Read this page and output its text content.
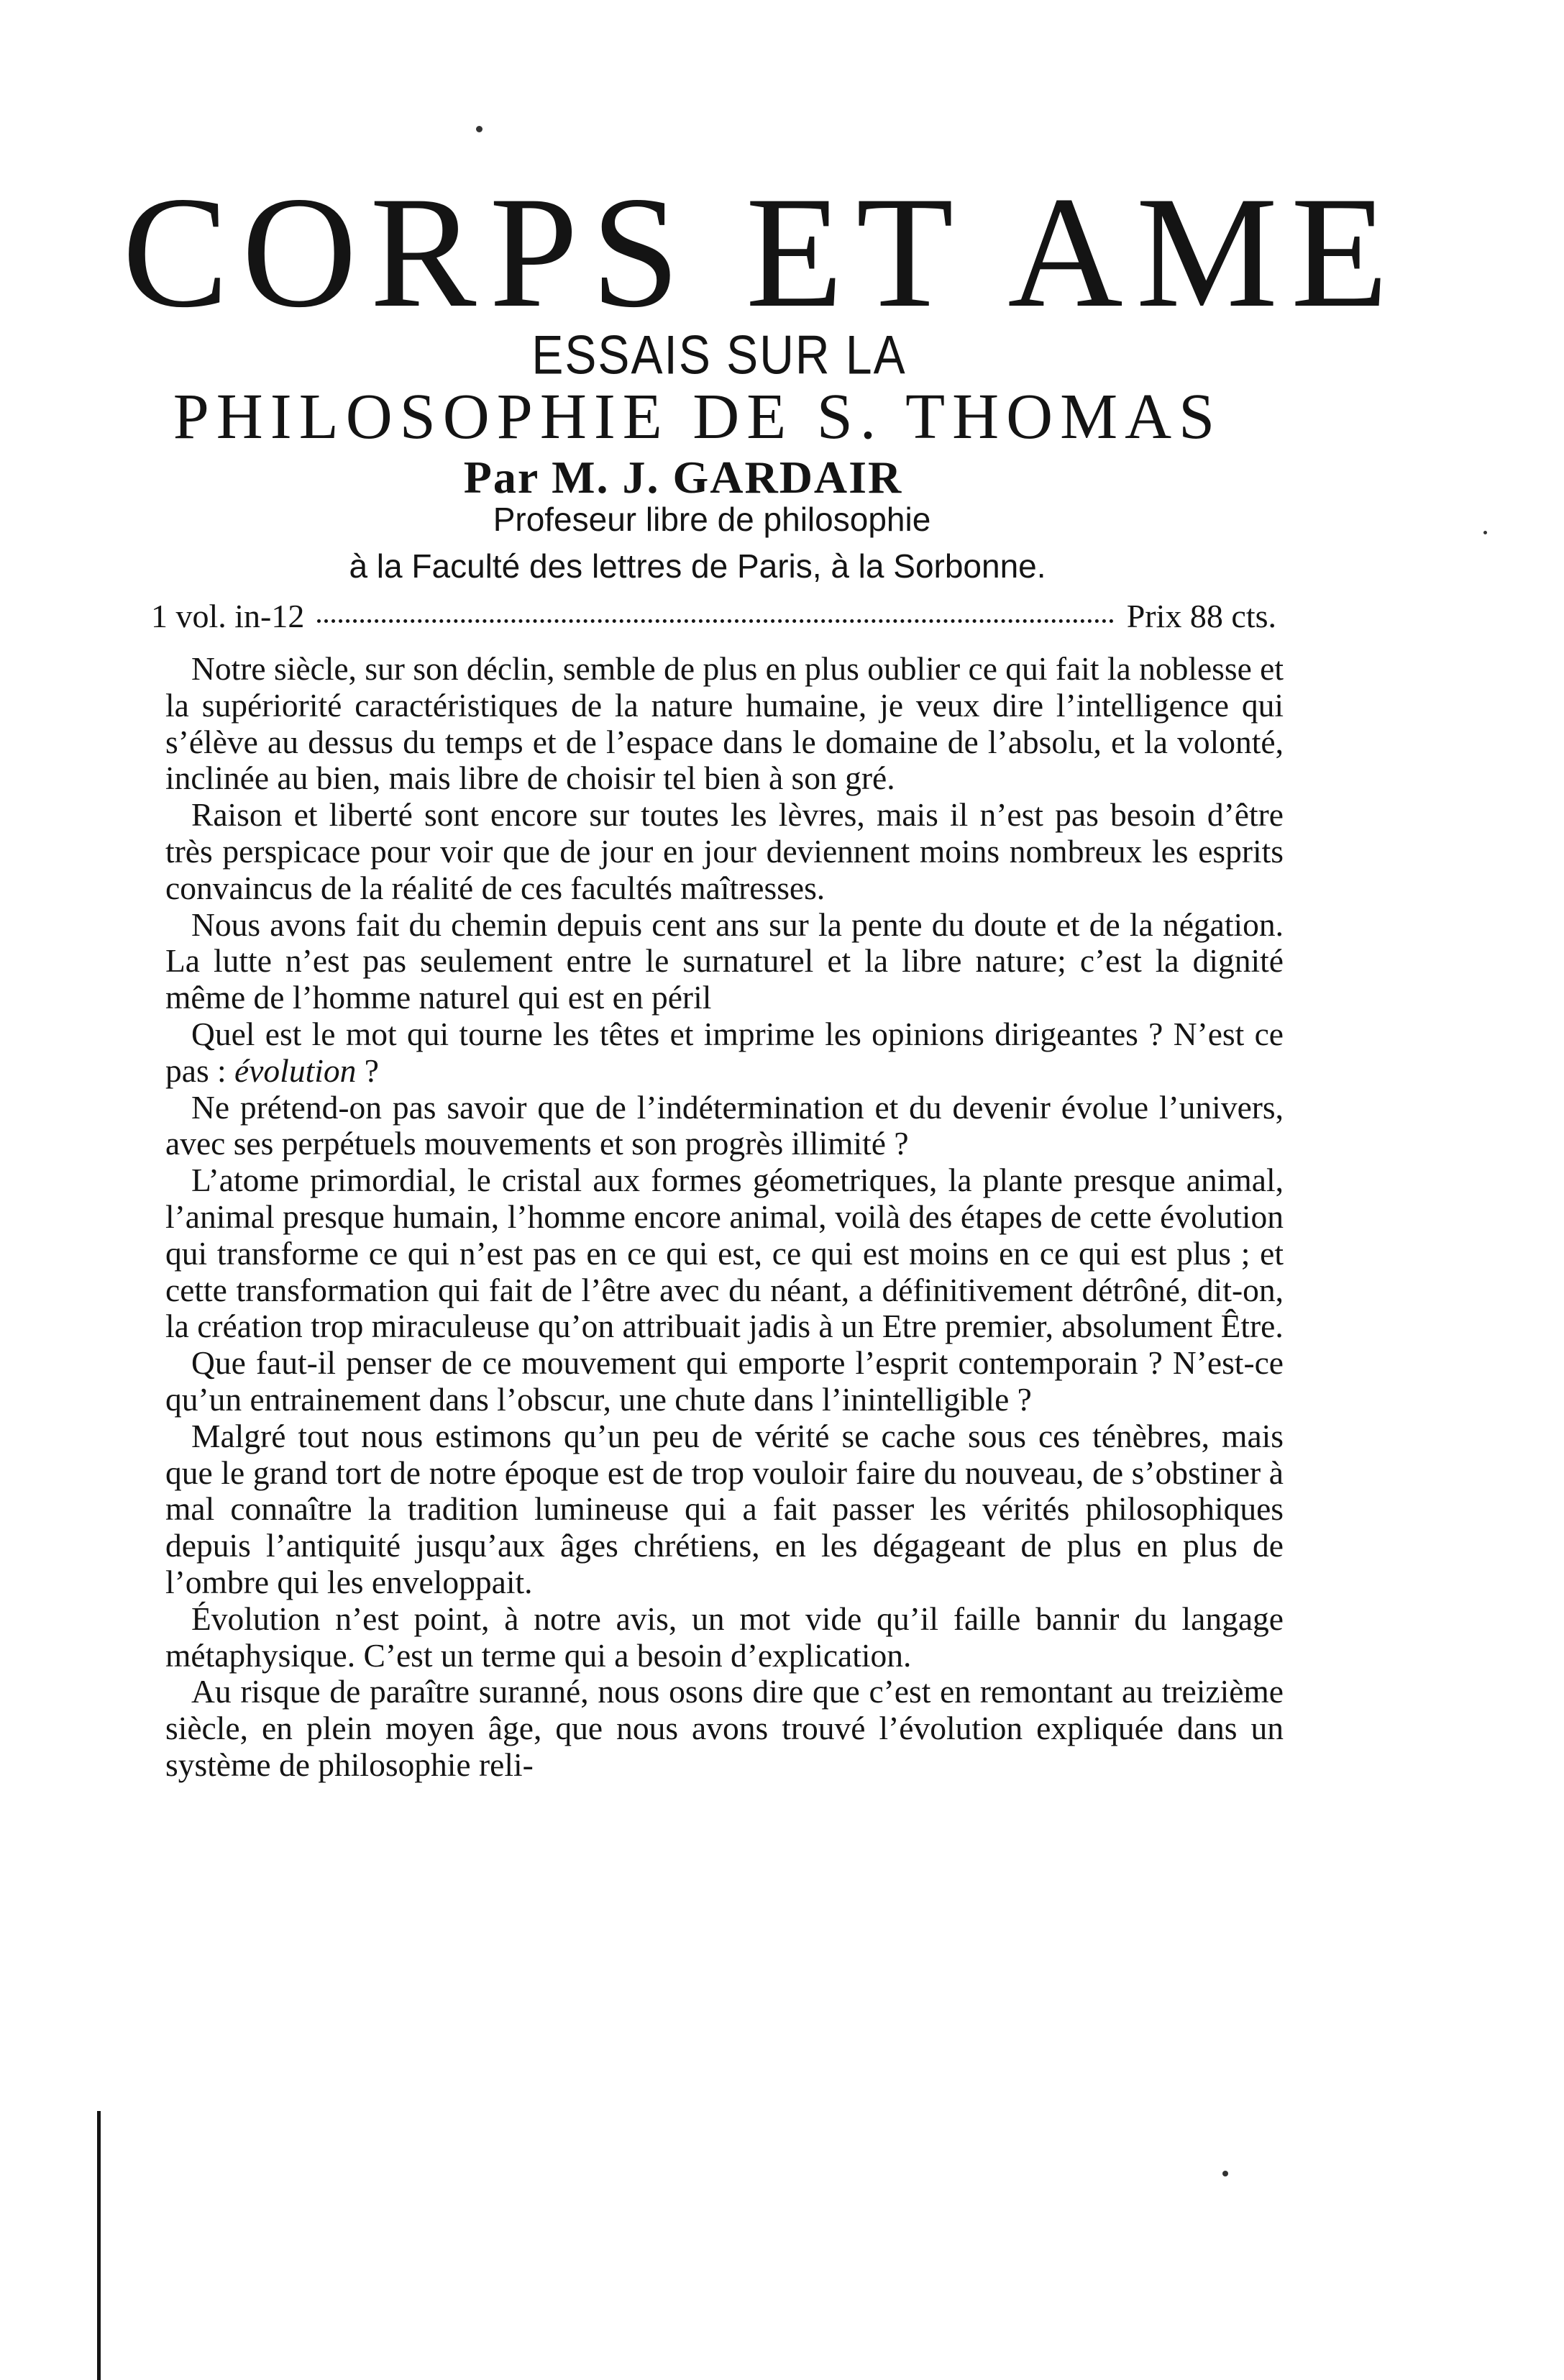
CORPS ET AME
ESSAIS SUR LA
PHILOSOPHIE DE S. THOMAS
Par M. J. GARDAIR
Profeseur libre de philosophie
à la Faculté des lettres de Paris, à la Sorbonne.
1 vol. in-12	Prix 88 cts.

Notre siècle, sur son déclin, semble de plus en plus oublier ce qui fait la noblesse et la supériorité caractéristiques de la nature humaine, je veux dire l’intelligence qui s’élève au dessus du temps et de l’espace dans le domaine de l’absolu, et la volonté, inclinée au bien, mais libre de choisir tel bien à son gré.

Raison et liberté sont encore sur toutes les lèvres, mais il n’est pas besoin d’être très perspicace pour voir que de jour en jour deviennent moins nombreux les esprits convaincus de la réalité de ces facultés maîtresses.

Nous avons fait du chemin depuis cent ans sur la pente du doute et de la négation. La lutte n’est pas seulement entre le surnaturel et la libre nature; c’est la dignité même de l’homme naturel qui est en péril

Quel est le mot qui tourne les têtes et imprime les opinions dirigeantes ? N’est ce pas : évolution ?

Ne prétend-on pas savoir que de l’indétermination et du devenir évolue l’univers, avec ses perpétuels mouvements et son progrès illimité ?

L’atome primordial, le cristal aux formes géometriques, la plante presque animal, l’animal presque humain, l’homme encore animal, voilà des étapes de cette évolution qui transforme ce qui n’est pas en ce qui est, ce qui est moins en ce qui est plus ; et cette transformation qui fait de l’être avec du néant, a définitivement détrôné, dit-on, la création trop miraculeuse qu’on attribuait jadis à un Etre premier, absolument Être.

Que faut-il penser de ce mouvement qui emporte l’esprit contemporain ? N’est-ce qu’un entrainement dans l’obscur, une chute dans l’inintelligible ?

Malgré tout nous estimons qu’un peu de vérité se cache sous ces ténèbres, mais que le grand tort de notre époque est de trop vouloir faire du nouveau, de s’obstiner à mal connaître la tradition lumineuse qui a fait passer les vérités philosophiques depuis l’antiquité jusqu’aux âges chrétiens, en les dégageant de plus en plus de l’ombre qui les enveloppait.

Évolution n’est point, à notre avis, un mot vide qu’il faille bannir du langage métaphysique. C’est un terme qui a besoin d’explication.

Au risque de paraître suranné, nous osons dire que c’est en remontant au treizième siècle, en plein moyen âge, que nous avons trouvé l’évolution expliquée dans un système de philosophie reli-
